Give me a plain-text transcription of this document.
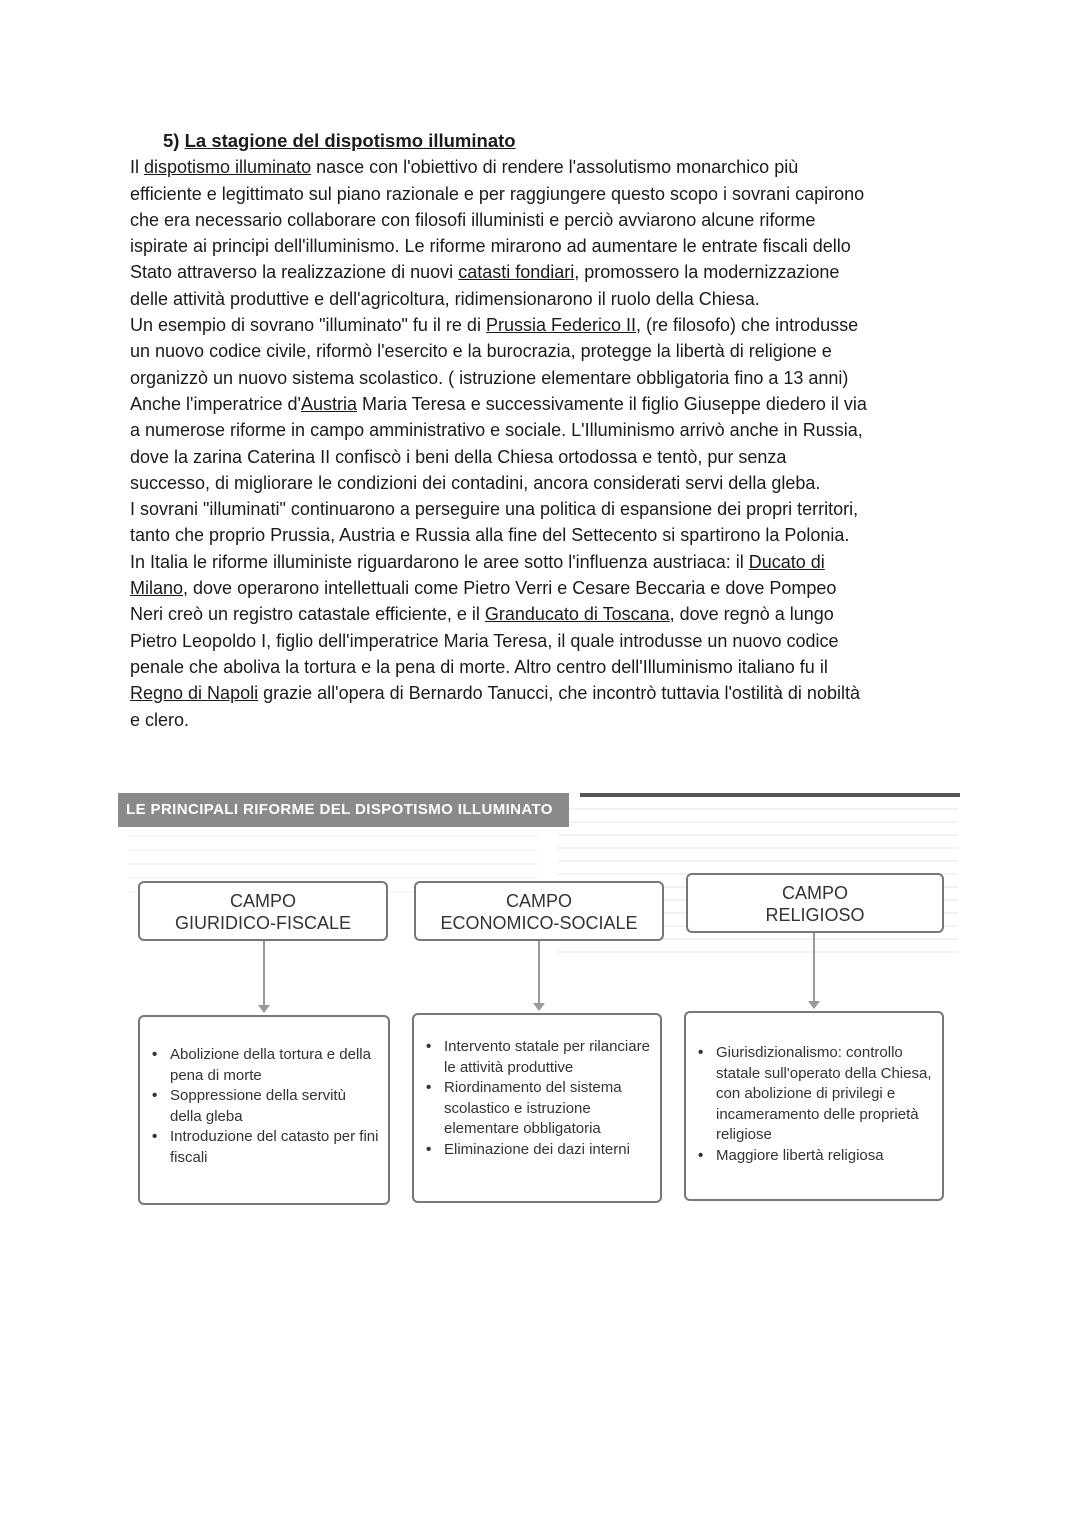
5) La stagione del dispotismo illuminato
Il dispotismo illuminato nasce con l'obiettivo di rendere l'assolutismo monarchico più
efficiente e legittimato sul piano razionale e per raggiungere questo scopo i sovrani capirono
che era necessario collaborare con filosofi illuministi e perciò avviarono alcune riforme
ispirate ai principi dell'illuminismo. Le riforme mirarono ad aumentare le entrate fiscali dello
Stato attraverso la realizzazione di nuovi catasti fondiari, promossero la modernizzazione
delle attività produttive e dell'agricoltura, ridimensionarono il ruolo della Chiesa.
Un esempio di sovrano "illuminato" fu il re di Prussia Federico II, (re filosofo) che introdusse
un nuovo codice civile, riformò l'esercito e la burocrazia, protegge la libertà di religione e
organizzò un nuovo sistema scolastico. ( istruzione elementare obbligatoria fino a 13 anni)
Anche l'imperatrice d'Austria Maria Teresa e successivamente il figlio Giuseppe diedero il via
a numerose riforme in campo amministrativo e sociale. L'Illuminismo arrivò anche in Russia,
dove la zarina Caterina II confiscò i beni della Chiesa ortodossa e tentò, pur senza
successo, di migliorare le condizioni dei contadini, ancora considerati servi della gleba.
I sovrani "illuminati" continuarono a perseguire una politica di espansione dei propri territori,
tanto che proprio Prussia, Austria e Russia alla fine del Settecento si spartirono la Polonia.
In Italia le riforme illuministe riguardarono le aree sotto l'influenza austriaca: il Ducato di
Milano, dove operarono intellettuali come Pietro Verri e Cesare Beccaria e dove Pompeo
Neri creò un registro catastale efficiente, e il Granducato di Toscana, dove regnò a lungo
Pietro Leopoldo I, figlio dell'imperatrice Maria Teresa, il quale introdusse un nuovo codice
penale che aboliva la tortura e la pena di morte. Altro centro dell'Illuminismo italiano fu il
Regno di Napoli grazie all'opera di Bernardo Tanucci, che incontrò tuttavia l'ostilità di nobiltà
e clero.
LE PRINCIPALI RIFORME DEL DISPOTISMO ILLUMINATO
CAMPO
GIURIDICO-FISCALE
CAMPO
ECONOMICO-SOCIALE
CAMPO
RELIGIOSO
• Abolizione della tortura e della pena di morte
• Soppressione della servitù della gleba
• Introduzione del catasto per fini fiscali
• Intervento statale per rilanciare le attività produttive
• Riordinamento del sistema scolastico e istruzione elementare obbligatoria
• Eliminazione dei dazi interni
• Giurisdizionalismo: controllo statale sull'operato della Chiesa, con abolizione di privilegi e incameramento delle proprietà religiose
• Maggiore libertà religiosa
